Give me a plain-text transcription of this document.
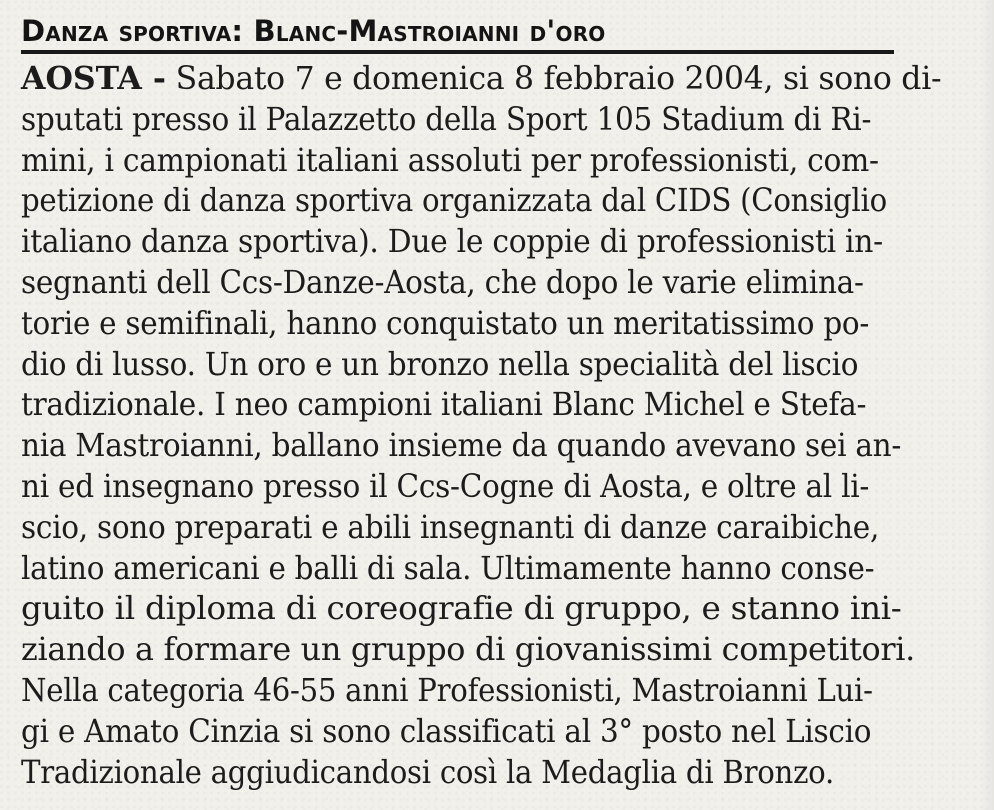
Danza sportiva: Blanc-Mastroianni d'oro
AOSTA - Sabato 7 e domenica 8 febbraio 2004, si sono di-
sputati presso il Palazzetto della Sport 105 Stadium di Ri-
mini, i campionati italiani assoluti per professionisti, com-
petizione di danza sportiva organizzata dal CIDS (Consiglio
italiano danza sportiva). Due le coppie di professionisti in-
segnanti dell Ccs-Danze-Aosta, che dopo le varie elimina-
torie e semifinali, hanno conquistato un meritatissimo po-
dio di lusso. Un oro e un bronzo nella specialità del liscio
tradizionale. I neo campioni italiani Blanc Michel e Stefa-
nia Mastroianni, ballano insieme da quando avevano sei an-
ni ed insegnano presso il Ccs-Cogne di Aosta, e oltre al li-
scio, sono preparati e abili insegnanti di danze caraibiche,
latino americani e balli di sala. Ultimamente hanno conse-
guito il diploma di coreografie di gruppo, e stanno ini-
ziando a formare un gruppo di giovanissimi competitori.
Nella categoria 46-55 anni Professionisti, Mastroianni Lui-
gi e Amato Cinzia si sono classificati al 3° posto nel Liscio
Tradizionale aggiudicandosi così la Medaglia di Bronzo.
